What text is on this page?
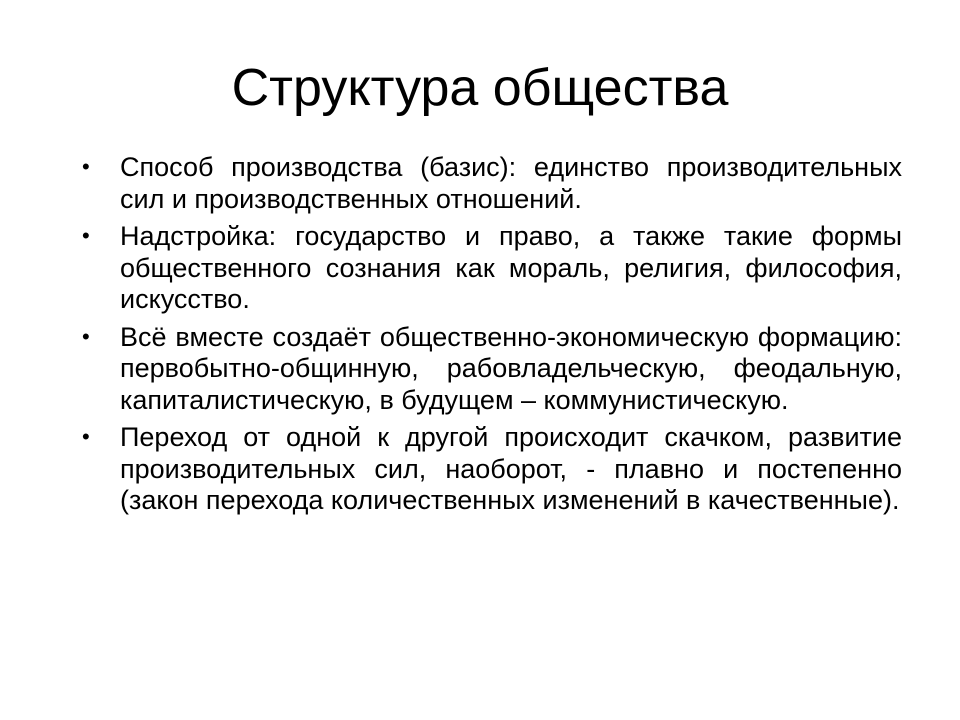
Структура общества
• Способ производства (базис): единство производительных сил и производственных отношений.
• Надстройка: государство и право, а также такие формы общественного сознания как мораль, религия, философия, искусство.
• Всё вместе создаёт общественно-экономическую формацию: первобытно-общинную, рабовладельческую, феодальную, капиталистическую, в будущем – коммунистическую.
• Переход от одной к другой происходит скачком, развитие производительных сил, наоборот, - плавно и постепенно (закон перехода количественных изменений в качественные).
